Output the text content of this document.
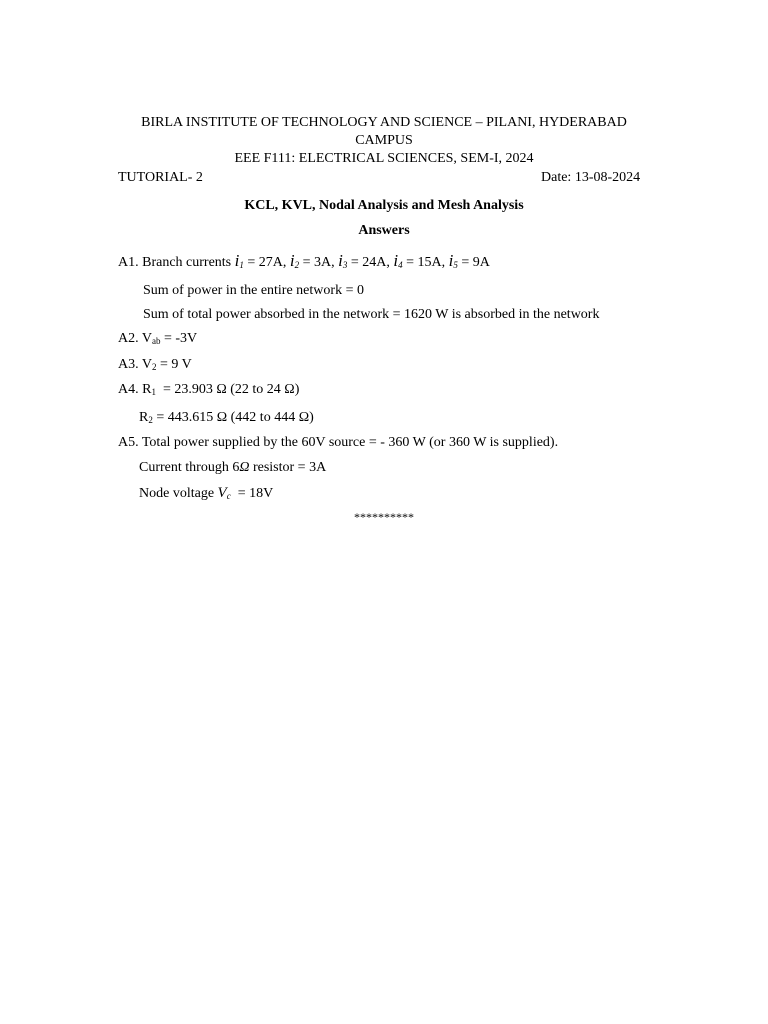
BIRLA INSTITUTE OF TECHNOLOGY AND SCIENCE – PILANI, HYDERABAD
CAMPUS
EEE F111: ELECTRICAL SCIENCES, SEM-I, 2024
TUTORIAL- 2	Date: 13-08-2024
KCL, KVL, Nodal Analysis and Mesh Analysis
Answers
A1. Branch currents $i_1 = 27A$, $i_2 = 3A$, $i_3 = 24A$, $i_4 = 15A$, $i_5 = 9A$
Sum of power in the entire network = 0
Sum of total power absorbed in the network = 1620 W is absorbed in the network
A2. $V_{ab} = -3V$
A3. $V_2 = 9$ V
A4. $R_1 = 23.903$ Ω (22 to 24 Ω)
$R_2 = 443.615$ Ω (442 to 444 Ω)
A5. Total power supplied by the 60V source = - 360 W (or 360 W is supplied).
Current through 6Ω resistor = 3A
Node voltage $V_c = 18V$
**********
